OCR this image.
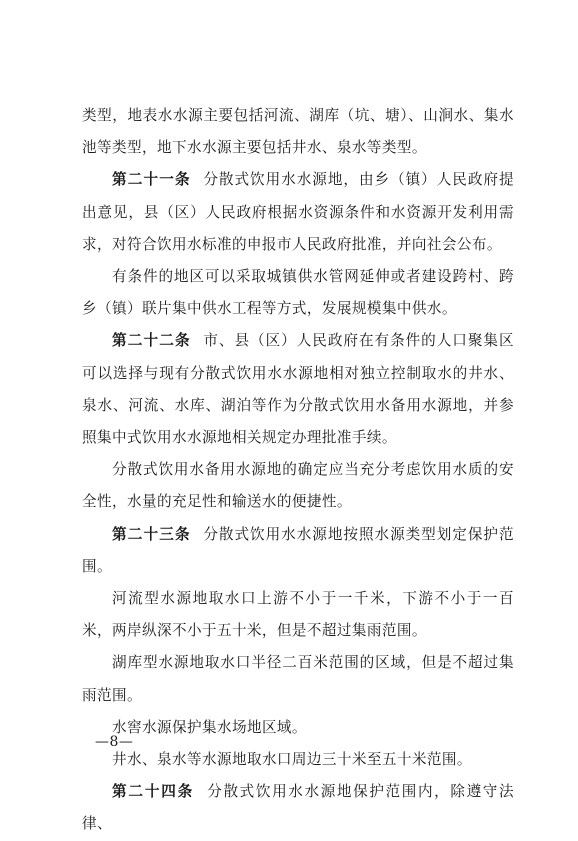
类型，地表水水源主要包括河流、湖库（坑、塘）、山涧水、集水池等类型，地下水水源主要包括井水、泉水等类型。

第二十一条 分散式饮用水水源地，由乡（镇）人民政府提出意见，县（区）人民政府根据水资源条件和水资源开发利用需求，对符合饮用水标准的申报市人民政府批准，并向社会公布。

有条件的地区可以采取城镇供水管网延伸或者建设跨村、跨乡（镇）联片集中供水工程等方式，发展规模集中供水。

第二十二条 市、县（区）人民政府在有条件的人口聚集区可以选择与现有分散式饮用水水源地相对独立控制取水的井水、泉水、河流、水库、湖泊等作为分散式饮用水备用水源地，并参照集中式饮用水水源地相关规定办理批准手续。

分散式饮用水备用水源地的确定应当充分考虑饮用水质的安全性，水量的充足性和输送水的便捷性。

第二十三条 分散式饮用水水源地按照水源类型划定保护范围。

河流型水源地取水口上游不小于一千米，下游不小于一百米，两岸纵深不小于五十米，但是不超过集雨范围。

湖库型水源地取水口半径二百米范围的区域，但是不超过集雨范围。

水窖水源保护集水场地区域。

井水、泉水等水源地取水口周边三十米至五十米范围。

第二十四条 分散式饮用水水源地保护范围内，除遵守法律、

—8—
